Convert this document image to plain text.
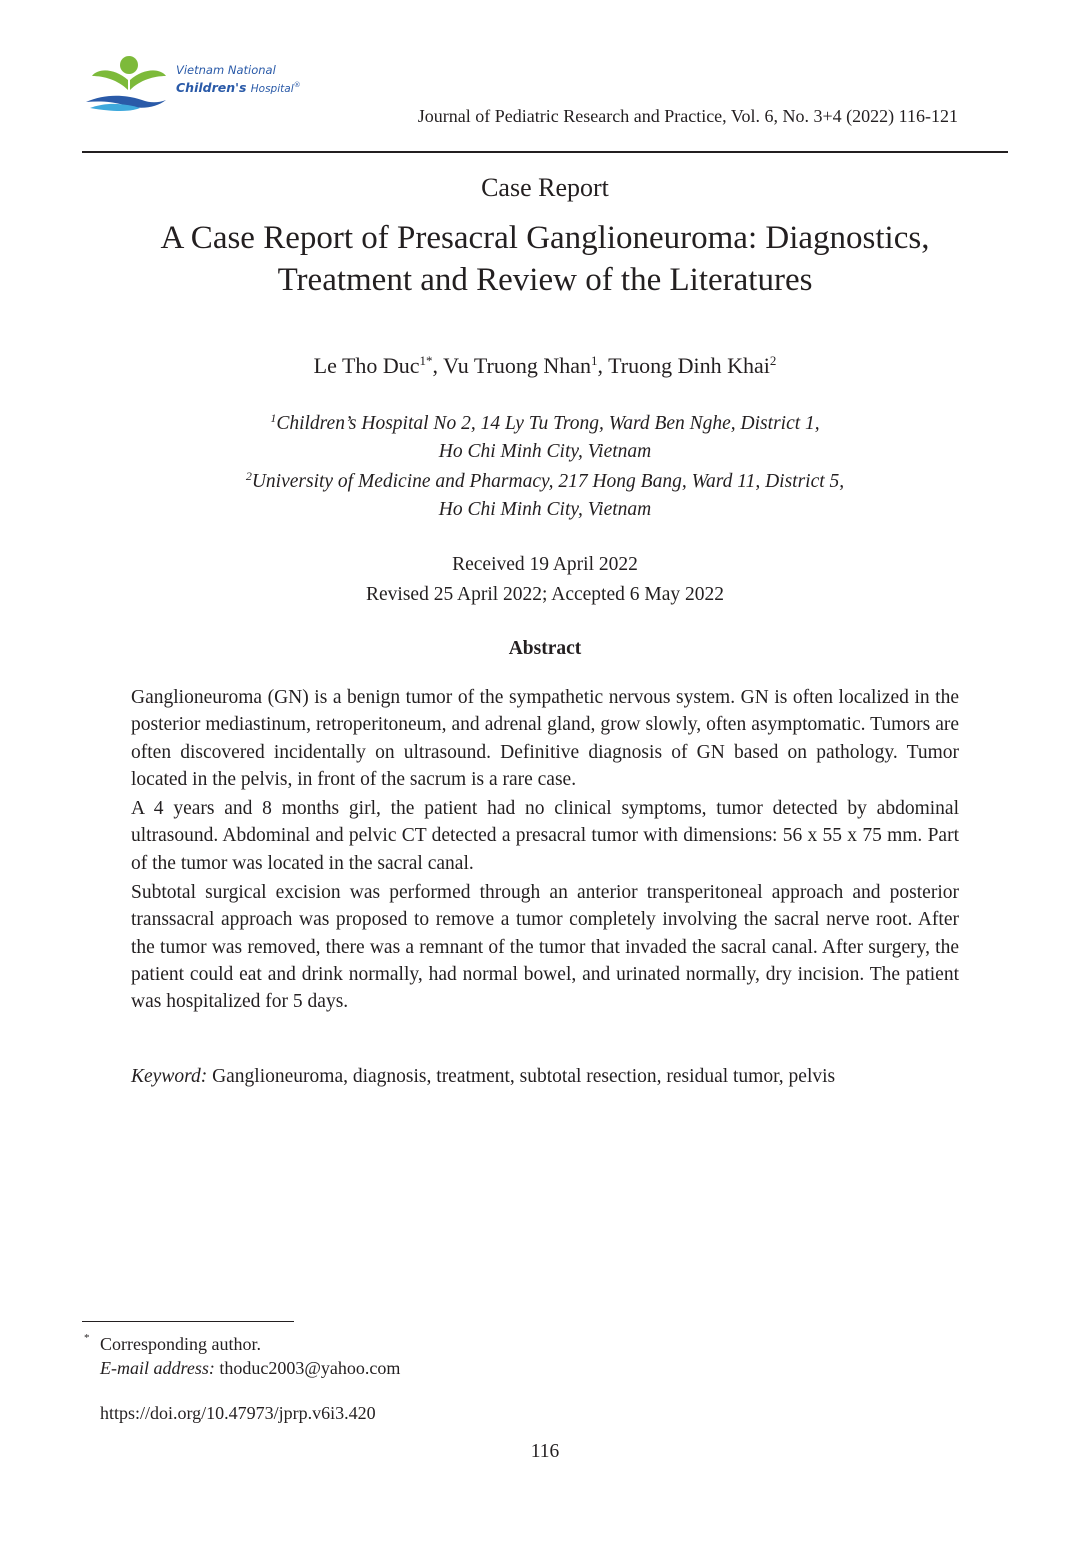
Vietnam National
Children's Hospital®
Journal of Pediatric Research and Practice, Vol. 6, No. 3+4 (2022) 116-121
Case Report
A Case Report of Presacral Ganglioneuroma: Diagnostics,
Treatment and Review of the Literatures
Le Tho Duc$^{1*}$, Vu Truong Nhan$^1$, Truong Dinh Khai$^2$
$^1$Children’s Hospital No 2, 14 Ly Tu Trong, Ward Ben Nghe, District 1,
Ho Chi Minh City, Vietnam
$^2$University of Medicine and Pharmacy, 217 Hong Bang, Ward 11, District 5,
Ho Chi Minh City, Vietnam
Received 19 April 2022
Revised 25 April 2022; Accepted 6 May 2022
Abstract

Ganglioneuroma (GN) is a benign tumor of the sympathetic nervous system. GN is often localized in the posterior mediastinum, retroperitoneum, and adrenal gland, grow slowly, often asymptomatic. Tumors are often discovered incidentally on ultrasound. Definitive diagnosis of GN based on pathology. Tumor located in the pelvis, in front of the sacrum is a rare case.

A 4 years and 8 months girl, the patient had no clinical symptoms, tumor detected by abdominal ultrasound. Abdominal and pelvic CT detected a presacral tumor with dimensions: 56 x 55 x 75 mm. Part of the tumor was located in the sacral canal.

Subtotal surgical excision was performed through an anterior transperitoneal approach and posterior transsacral approach was proposed to remove a tumor completely involving the sacral nerve root. After the tumor was removed, there was a remnant of the tumor that invaded the sacral canal. After surgery, the patient could eat and drink normally, had normal bowel, and urinated normally, dry incision. The patient was hospitalized for 5 days.

Keyword: Ganglioneuroma, diagnosis, treatment, subtotal resection, residual tumor, pelvis
* Corresponding author.
E-mail address: thoduc2003@yahoo.com
https://doi.org/10.47973/jprp.v6i3.420
116
